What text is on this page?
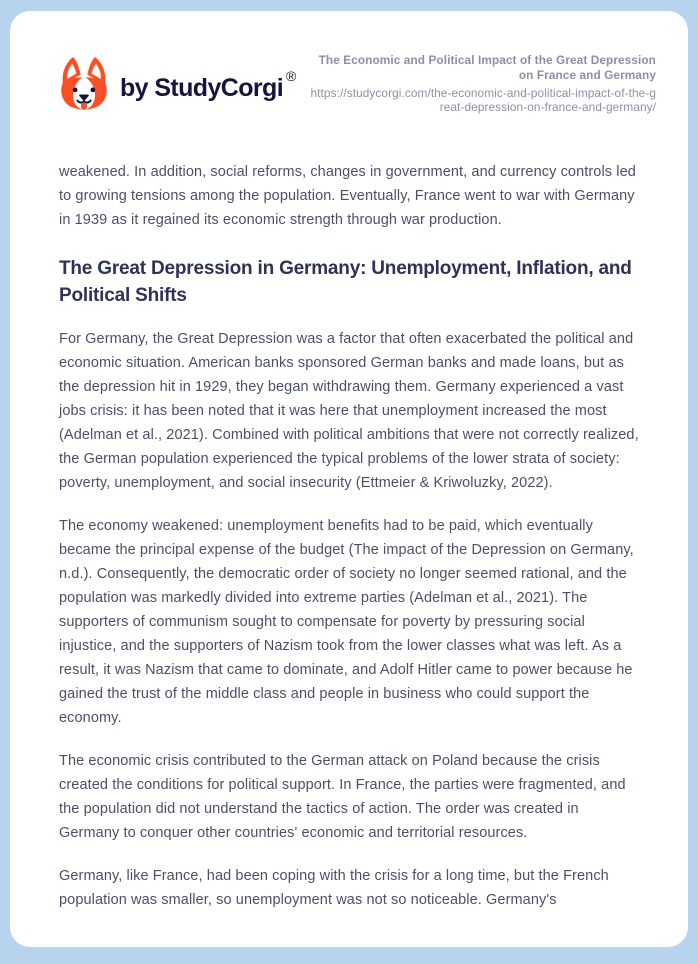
by StudyCorgi ®
The Economic and Political Impact of the Great Depression on France and Germany
https://studycorgi.com/the-economic-and-political-impact-of-the-great-depression-on-france-and-germany/

weakened. In addition, social reforms, changes in government, and currency controls led to growing tensions among the population. Eventually, France went to war with Germany in 1939 as it regained its economic strength through war production.

The Great Depression in Germany: Unemployment, Inflation, and Political Shifts

For Germany, the Great Depression was a factor that often exacerbated the political and economic situation. American banks sponsored German banks and made loans, but as the depression hit in 1929, they began withdrawing them. Germany experienced a vast jobs crisis: it has been noted that it was here that unemployment increased the most (Adelman et al., 2021). Combined with political ambitions that were not correctly realized, the German population experienced the typical problems of the lower strata of society: poverty, unemployment, and social insecurity (Ettmeier & Kriwoluzky, 2022).

The economy weakened: unemployment benefits had to be paid, which eventually became the principal expense of the budget (The impact of the Depression on Germany, n.d.). Consequently, the democratic order of society no longer seemed rational, and the population was markedly divided into extreme parties (Adelman et al., 2021). The supporters of communism sought to compensate for poverty by pressuring social injustice, and the supporters of Nazism took from the lower classes what was left. As a result, it was Nazism that came to dominate, and Adolf Hitler came to power because he gained the trust of the middle class and people in business who could support the economy.

The economic crisis contributed to the German attack on Poland because the crisis created the conditions for political support. In France, the parties were fragmented, and the population did not understand the tactics of action. The order was created in Germany to conquer other countries' economic and territorial resources.

Germany, like France, had been coping with the crisis for a long time, but the French population was smaller, so unemployment was not so noticeable. Germany's
